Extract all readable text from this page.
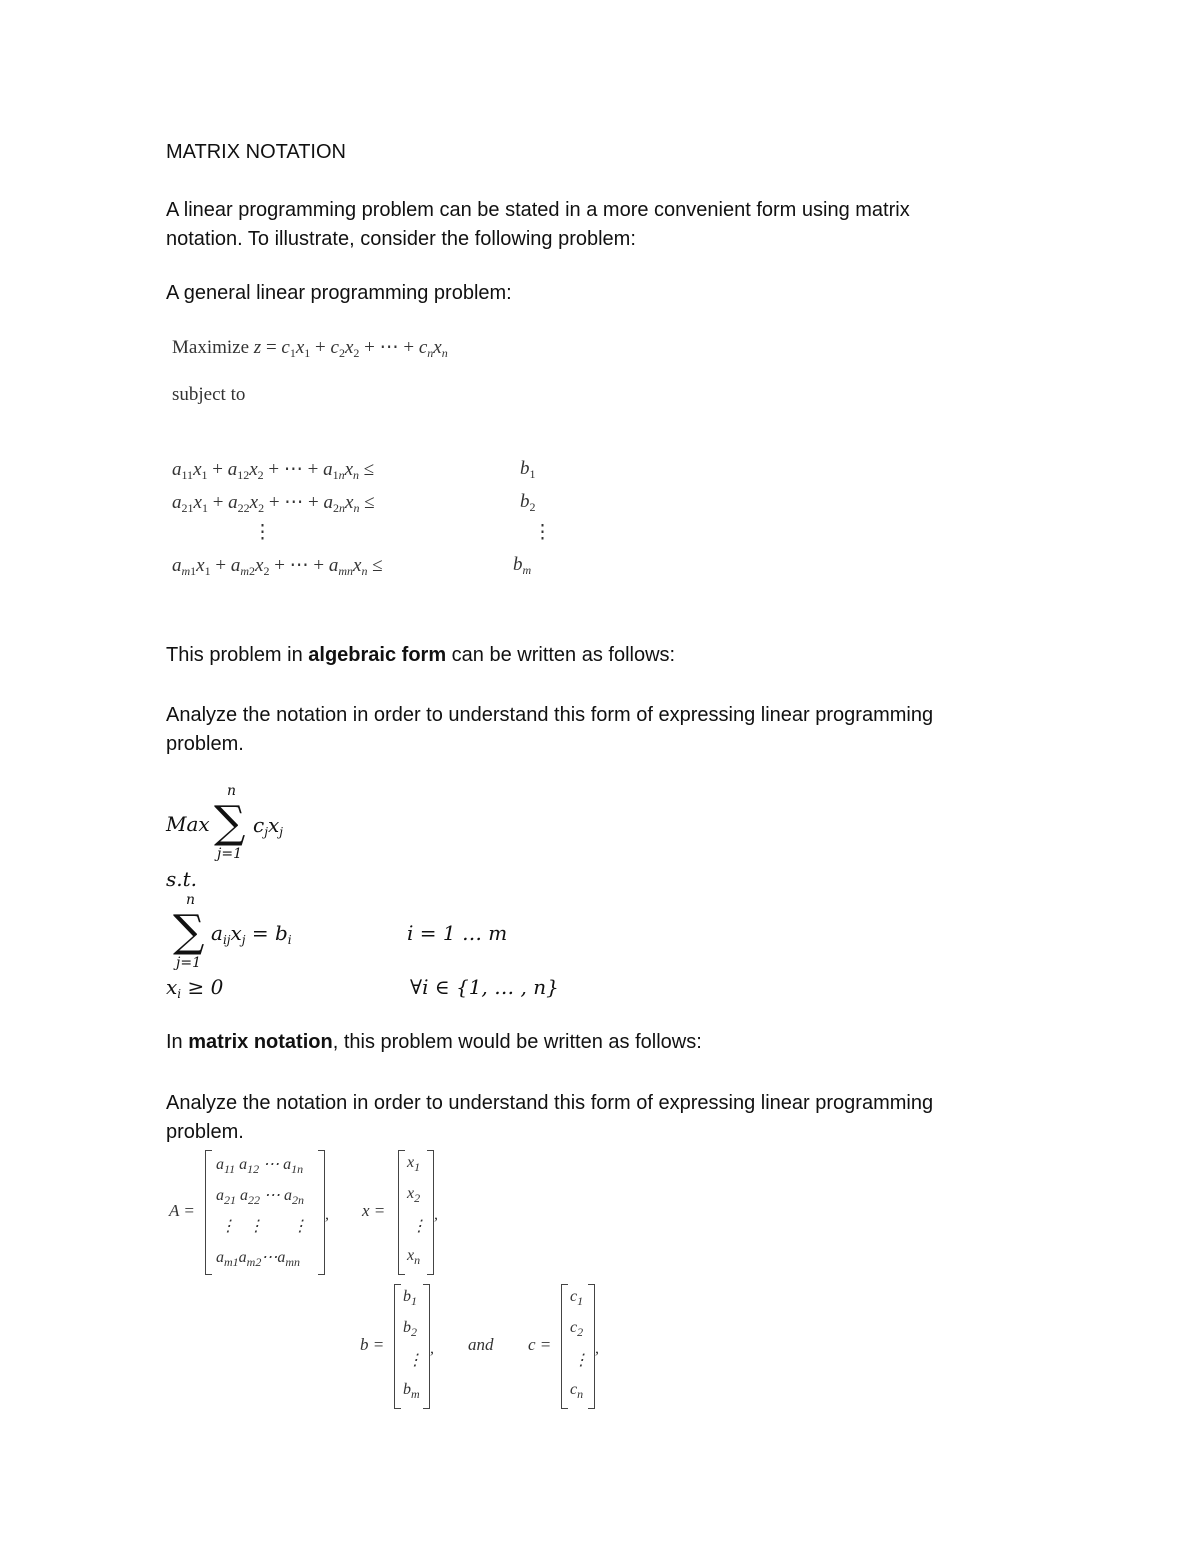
MATRIX NOTATION
A linear programming problem can be stated in a more convenient form using matrix
notation. To illustrate, consider the following problem:
A general linear programming problem:
Maximize $z = c_1x_1 + c_2x_2$ + ⋯ + $c_nx_n$
subject to
$a_{11}x_1 + a_{12}x_2$ + ⋯ + $a_{1n}x_n$ ≤	$b_1$
$a_{21}x_1 + a_{22}x_2$ + ⋯ + $a_{2n}x_n$ ≤	$b_2$
⋮	⋮
$a_{m1}x_1 + a_{m2}x_2$ + ⋯ + $a_{mn}x_n$ ≤	$b_m$
This problem in algebraic form can be written as follows:
Analyze the notation in order to understand this form of expressing linear programming
problem.
Max
n
∑
j=1
$c_jx_j$
s.t.
n
∑
j=1
$a_{ij}x_j = b_i$	i = 1 … m
$x_i \ge 0$	∀i ∈ {1, … , n}
In matrix notation, this problem would be written as follows:
Analyze the notation in order to understand this form of expressing linear programming
problem.
A =
$a_{11}$ $a_{12}$ ⋯ $a_{1n}$
$a_{21}$ $a_{22}$ ⋯ $a_{2n}$
⋮   ⋮       ⋮
$a_{m1}a_{m2}\cdots a_{mn}$
, x =
$x_1$
$x_2$
⋮
$x_n$
,
b =
$b_1$
$b_2$
⋮
$b_m$
, and c =
$c_1$
$c_2$
⋮
$c_n$
,
